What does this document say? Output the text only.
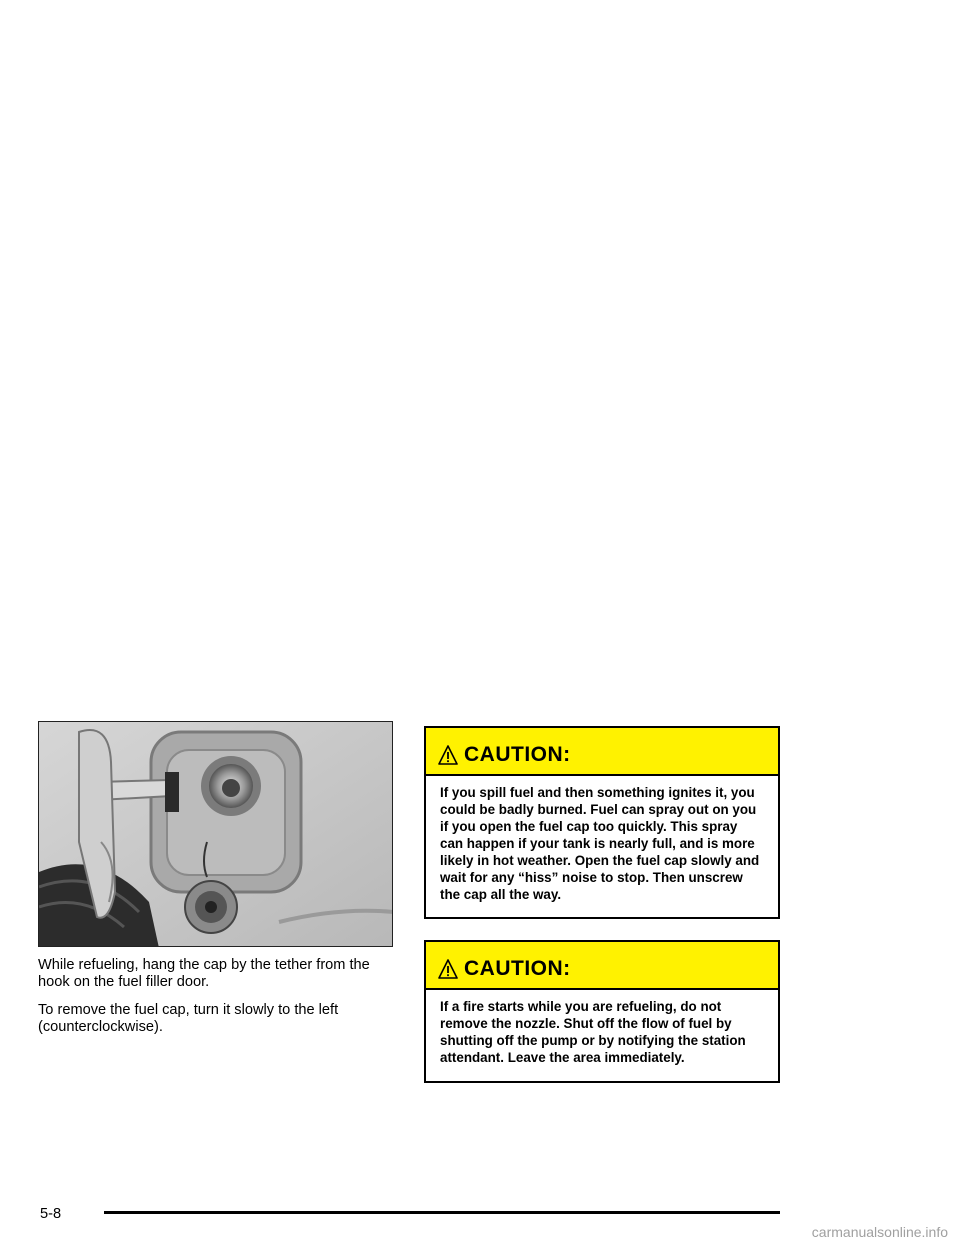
While refueling, hang the cap by the tether from the hook on the fuel filler door.

To remove the fuel cap, turn it slowly to the left (counterclockwise).

CAUTION:
If you spill fuel and then something ignites it, you could be badly burned. Fuel can spray out on you if you open the fuel cap too quickly. This spray can happen if your tank is nearly full, and is more likely in hot weather. Open the fuel cap slowly and wait for any “hiss” noise to stop. Then unscrew the cap all the way.
CAUTION:
If a fire starts while you are refueling, do not remove the nozzle. Shut off the flow of fuel by shutting off the pump or by notifying the station attendant. Leave the area immediately.
5-8
carmanualsonline.info
